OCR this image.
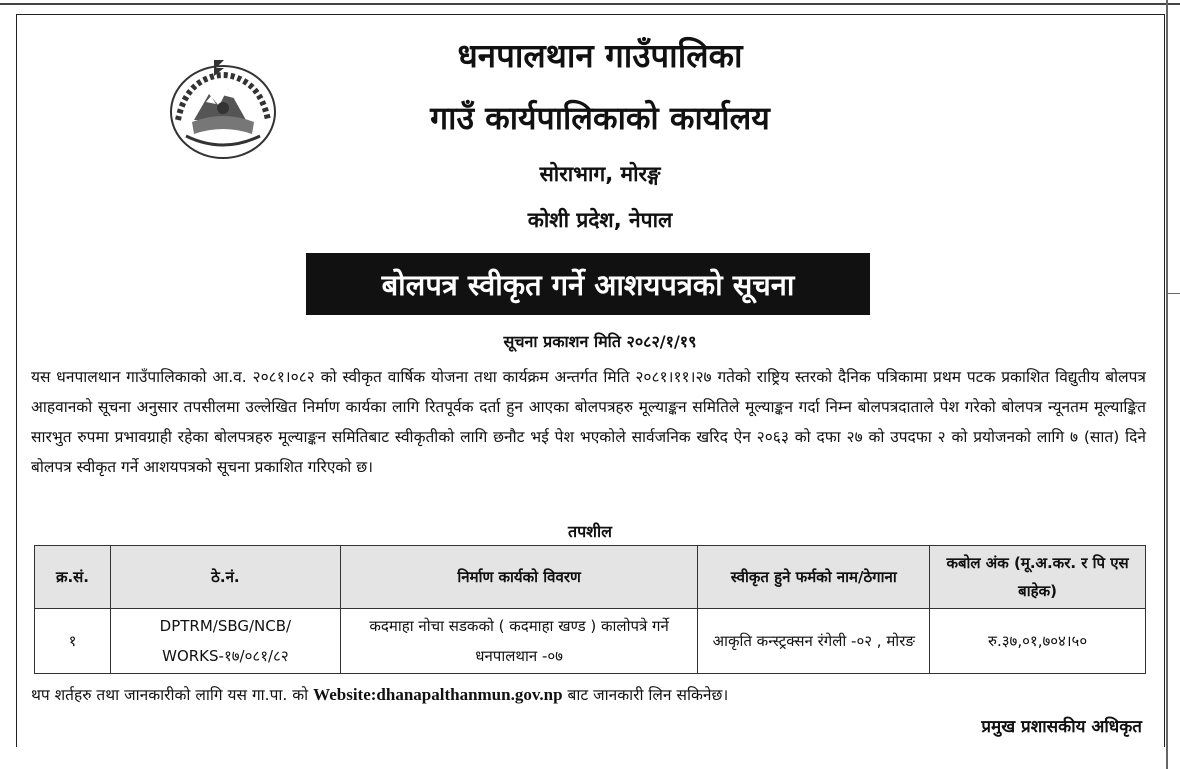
धनपालथान गाउँपालिका
गाउँ कार्यपालिकाको कार्यालय
सोराभाग, मोरङ्ग
कोशी प्रदेश, नेपाल
बोलपत्र स्वीकृत गर्ने आशयपत्रको सूचना
सूचना प्रकाशन मिति २०८२/१/१९
यस धनपालथान गाउँपालिकाको आ.व. २०८१।०८२ को स्वीकृत वार्षिक योजना तथा कार्यक्रम अन्तर्गत मिति २०८१।११।२७ गतेको राष्ट्रिय स्तरको दैनिक पत्रिकामा प्रथम पटक प्रकाशित विद्युतीय बोलपत्र आहवानको सूचना अनुसार तपसीलमा उल्लेखित निर्माण कार्यका लागि रितपूर्वक दर्ता हुन आएका बोलपत्रहरु मूल्याङ्कन समितिले मूल्याङ्कन गर्दा निम्न बोलपत्रदाताले पेश गरेको बोलपत्र न्यूनतम मूल्याङ्कित सारभुत रुपमा प्रभावग्राही रहेका बोलपत्रहरु मूल्याङ्कन समितिबाट स्वीकृतीको लागि छनौट भई पेश भएकोले सार्वजनिक खरिद ऐन २०६३ को दफा २७ को उपदफा २ को प्रयोजनको लागि ७ (सात) दिने बोलपत्र स्वीकृत गर्ने आशयपत्रको सूचना प्रकाशित गरिएको छ।
तपशील
क्र.सं.	ठे.नं.	निर्माण कार्यको विवरण	स्वीकृत हुने फर्मको नाम/ठेगाना	कबोल अंक (मू.अ.कर. र पि एस बाहेक)
१	DPTRM/SBG/NCB/ WORKS-१७/०८१/८२	कदमाहा नोचा सडकको ( कदमाहा खण्ड ) कालोपत्रे गर्ने धनपालथान -०७	आकृति कन्स्ट्रक्सन रंगेली -०२ , मोरङ	रु.३७,०१,७०४।५०
थप शर्तहरु तथा जानकारीको लागि यस गा.पा. को Website:dhanapalthanmun.gov.np बाट जानकारी लिन सकिनेछ।
प्रमुख प्रशासकीय अधिकृत
